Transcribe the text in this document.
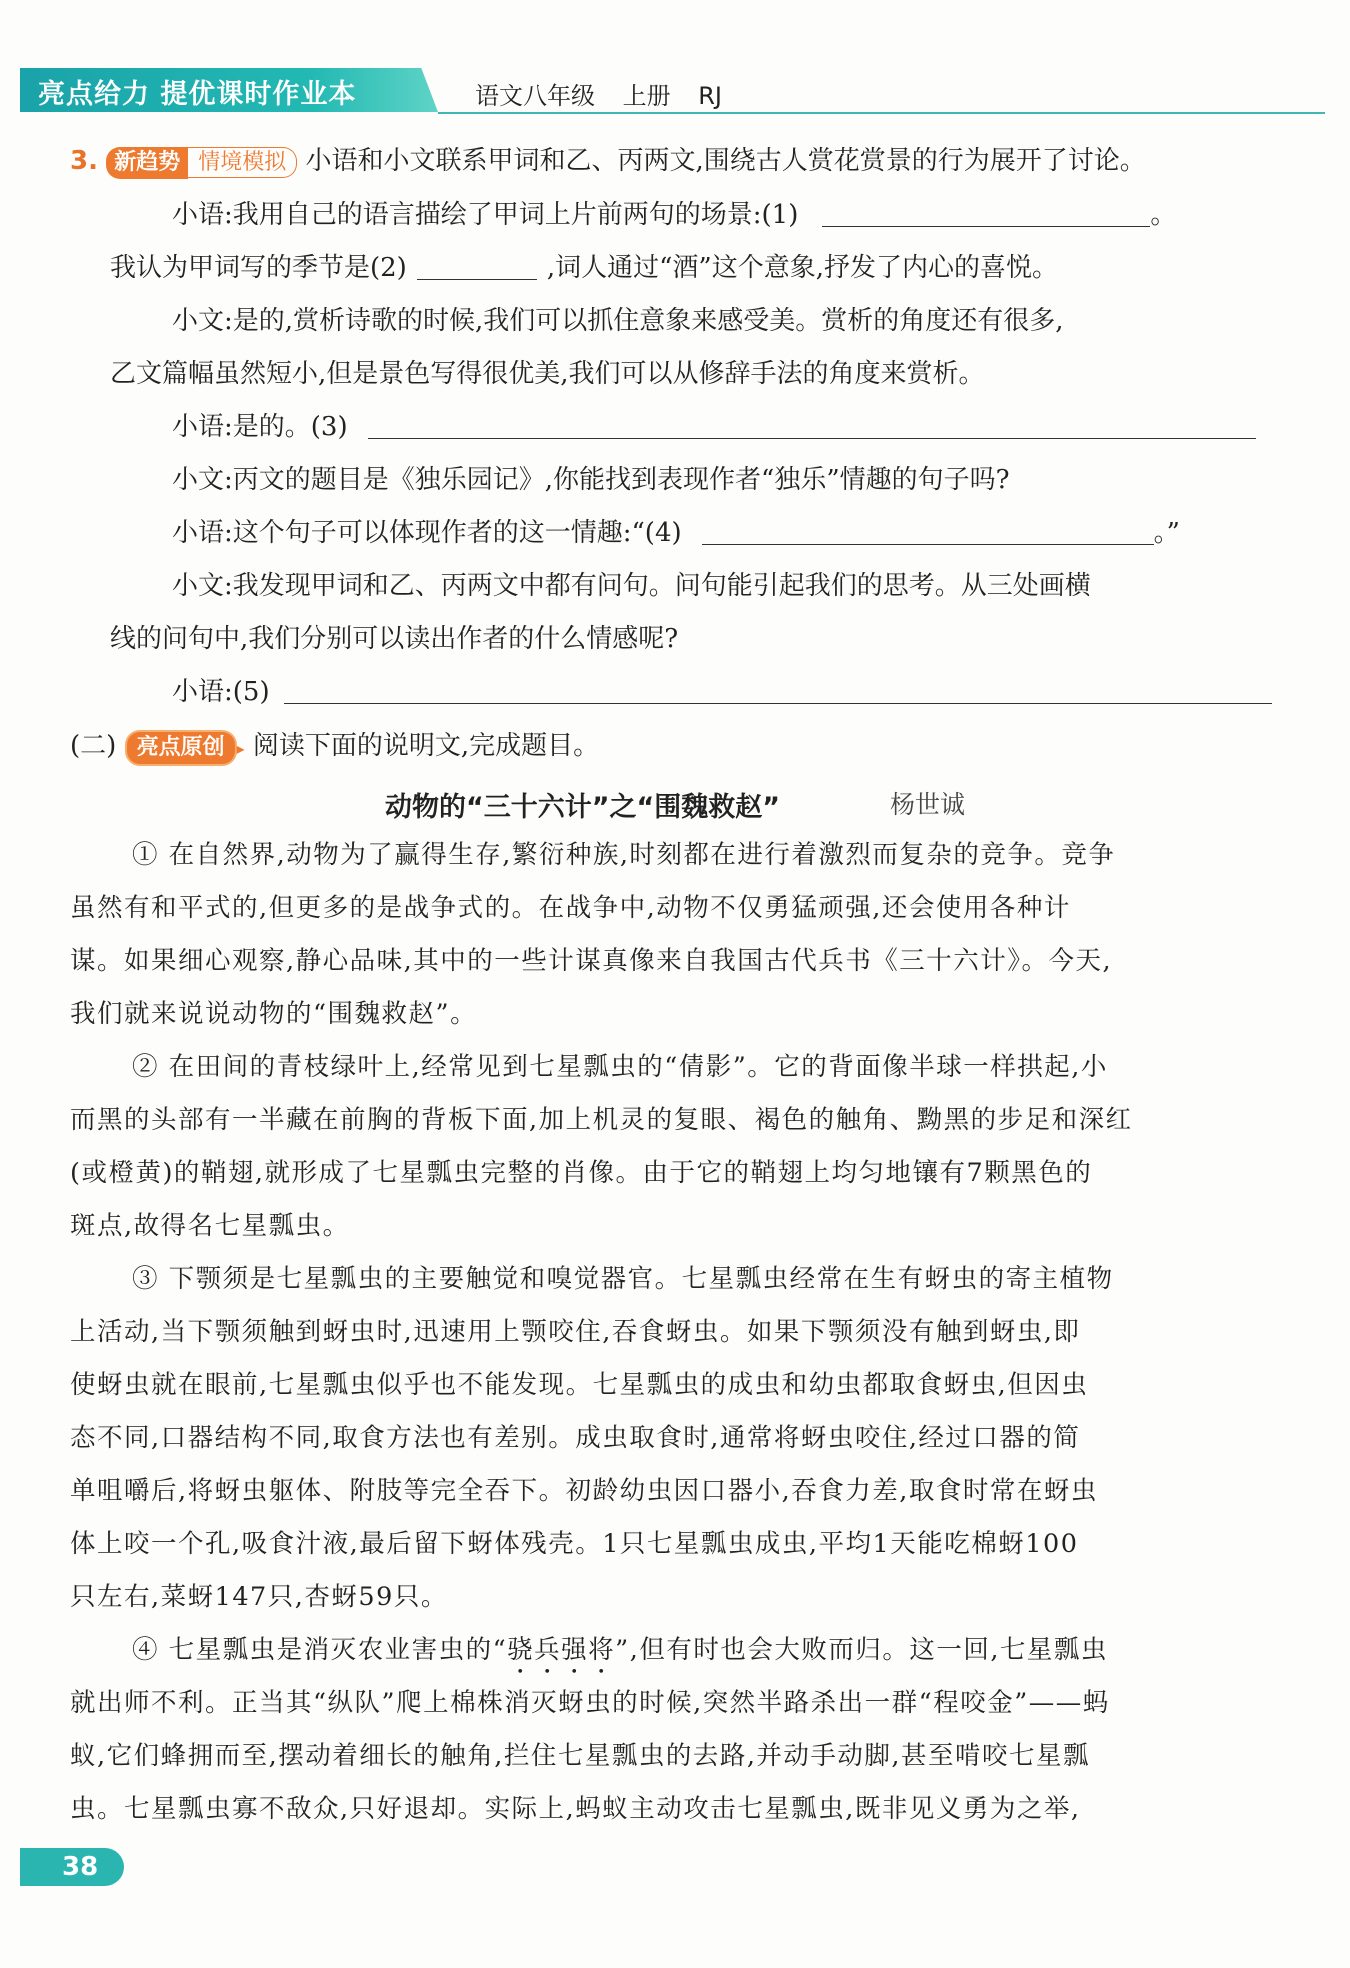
亮点给力 提优课时作业本	语文八年级 上册 RJ
3. 新趋势 情境模拟 小语和小文联系甲词和乙、丙两文,围绕古人赏花赏景的行为展开了讨论。
小语:我用自己的语言描绘了甲词上片前两句的场景:(1)	。
我认为甲词写的季节是(2)	,词人通过“酒”这个意象,抒发了内心的喜悦。
小文:是的,赏析诗歌的时候,我们可以抓住意象来感受美。赏析的角度还有很多,
乙文篇幅虽然短小,但是景色写得很优美,我们可以从修辞手法的角度来赏析。
小语:是的。(3)
小文:丙文的题目是《独乐园记》,你能找到表现作者“独乐”情趣的句子吗?
小语:这个句子可以体现作者的这一情趣:“(4)	。”
小文:我发现甲词和乙、丙两文中都有问句。问句能引起我们的思考。从三处画横
线的问句中,我们分别可以读出作者的什么情感呢?
小语:(5)
(二) 亮点原创 ▸ 阅读下面的说明文,完成题目。
动物的“三十六计”之“围魏救赵”	杨世诚
① 在自然界,动物为了赢得生存,繁衍种族,时刻都在进行着激烈而复杂的竞争。竞争
虽然有和平式的,但更多的是战争式的。在战争中,动物不仅勇猛顽强,还会使用各种计
谋。如果细心观察,静心品味,其中的一些计谋真像来自我国古代兵书《三十六计》。今天,
我们就来说说动物的“围魏救赵”。
② 在田间的青枝绿叶上,经常见到七星瓢虫的“倩影”。它的背面像半球一样拱起,小
而黑的头部有一半藏在前胸的背板下面,加上机灵的复眼、褐色的触角、黝黑的步足和深红
(或橙黄)的鞘翅,就形成了七星瓢虫完整的肖像。由于它的鞘翅上均匀地镶有7颗黑色的
斑点,故得名七星瓢虫。
③ 下颚须是七星瓢虫的主要触觉和嗅觉器官。七星瓢虫经常在生有蚜虫的寄主植物
上活动,当下颚须触到蚜虫时,迅速用上颚咬住,吞食蚜虫。如果下颚须没有触到蚜虫,即
使蚜虫就在眼前,七星瓢虫似乎也不能发现。七星瓢虫的成虫和幼虫都取食蚜虫,但因虫
态不同,口器结构不同,取食方法也有差别。成虫取食时,通常将蚜虫咬住,经过口器的简
单咀嚼后,将蚜虫躯体、附肢等完全吞下。初龄幼虫因口器小,吞食力差,取食时常在蚜虫
体上咬一个孔,吸食汁液,最后留下蚜体残壳。1只七星瓢虫成虫,平均1天能吃棉蚜100
只左右,菜蚜147只,杏蚜59只。
④ 七星瓢虫是消灭农业害虫的“骁兵强将”,但有时也会大败而归。这一回,七星瓢虫
就出师不利。正当其“纵队”爬上棉株消灭蚜虫的时候,突然半路杀出一群“程咬金”——蚂
蚁,它们蜂拥而至,摆动着细长的触角,拦住七星瓢虫的去路,并动手动脚,甚至啃咬七星瓢
虫。七星瓢虫寡不敌众,只好退却。实际上,蚂蚁主动攻击七星瓢虫,既非见义勇为之举,
38
